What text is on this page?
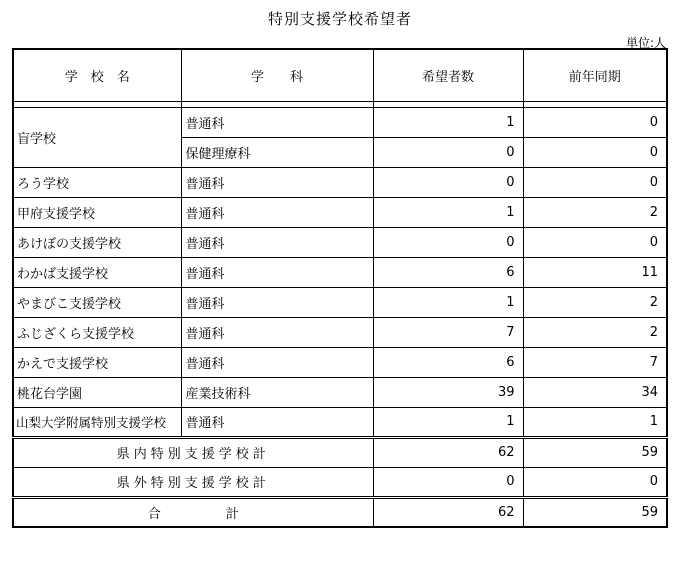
特別支援学校希望者
単位:人
学　校　名	学　　科	希望者数	前年同期

盲学校	普通科	1	0
	保健理療科	0	0
ろう学校	普通科	0	0
甲府支援学校	普通科	1	2
あけぼの支援学校	普通科	0	0
わかば支援学校	普通科	6	11
やまびこ支援学校	普通科	1	2
ふじざくら支援学校	普通科	7	2
かえで支援学校	普通科	6	7
桃花台学園	産業技術科	39	34
山梨大学附属特別支援学校	普通科	1	1
県内特別支援学校計		62	59
県外特別支援学校計		0	0
合　　　　　計		62	59
